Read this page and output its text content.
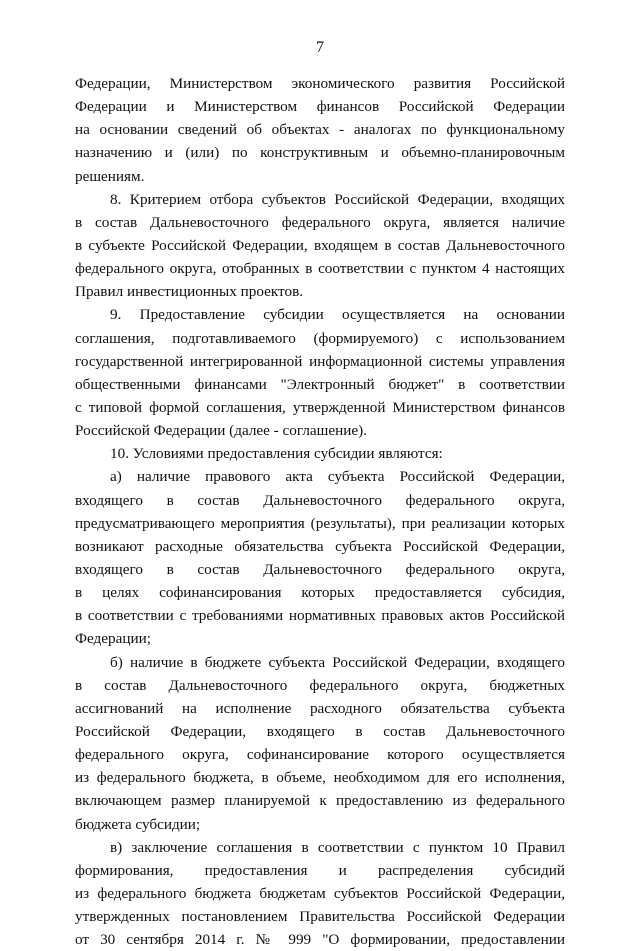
7
Федерации, Министерством экономического развития Российской
Федерации и Министерством финансов Российской Федерации
на основании сведений об объектах - аналогах по функциональному
назначению и (или) по конструктивным и объемно-планировочным
решениям.
8. Критерием отбора субъектов Российской Федерации, входящих
в состав Дальневосточного федерального округа, является наличие
в субъекте Российской Федерации, входящем в состав Дальневосточного
федерального округа, отобранных в соответствии с пунктом 4 настоящих
Правил инвестиционных проектов.
9. Предоставление субсидии осуществляется на основании
соглашения, подготавливаемого (формируемого) с использованием
государственной интегрированной информационной системы управления
общественными финансами "Электронный бюджет" в соответствии
с типовой формой соглашения, утвержденной Министерством финансов
Российской Федерации (далее - соглашение).
10. Условиями предоставления субсидии являются:
а) наличие правового акта субъекта Российской Федерации,
входящего в состав Дальневосточного федерального округа,
предусматривающего мероприятия (результаты), при реализации которых
возникают расходные обязательства субъекта Российской Федерации,
входящего в состав Дальневосточного федерального округа,
в целях софинансирования которых предоставляется субсидия,
в соответствии с требованиями нормативных правовых актов Российской
Федерации;
б) наличие в бюджете субъекта Российской Федерации, входящего
в состав Дальневосточного федерального округа, бюджетных
ассигнований на исполнение расходного обязательства субъекта
Российской Федерации, входящего в состав Дальневосточного
федерального округа, софинансирование которого осуществляется
из федерального бюджета, в объеме, необходимом для его исполнения,
включающем размер планируемой к предоставлению из федерального
бюджета субсидии;
в) заключение соглашения в соответствии с пунктом 10 Правил
формирования, предоставления и распределения субсидий
из федерального бюджета бюджетам субъектов Российской Федерации,
утвержденных постановлением Правительства Российской Федерации
от 30 сентября 2014 г. № 999 "О формировании, предоставлении
